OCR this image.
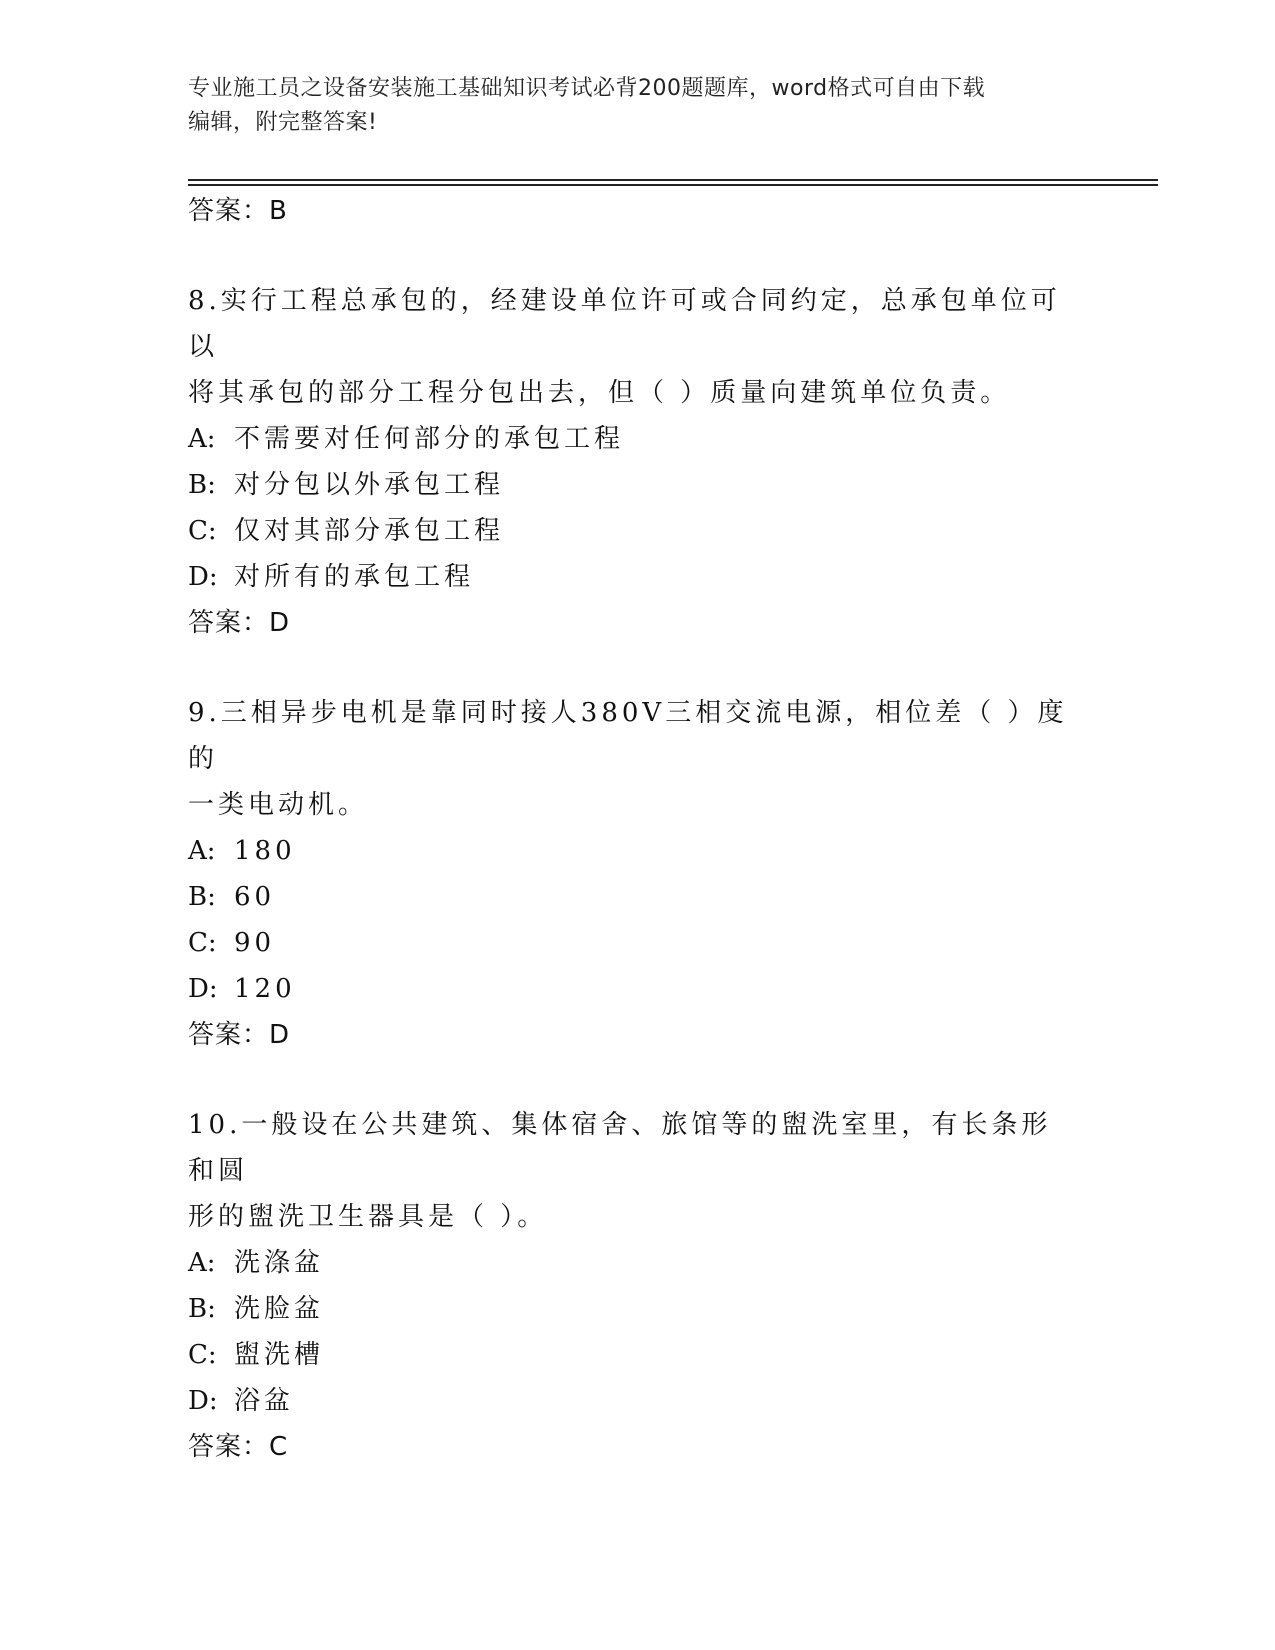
专业施工员之设备安装施工基础知识考试必背200题题库，word格式可自由下载
编辑，附完整答案!
答案：B
8.实行工程总承包的，经建设单位许可或合同约定，总承包单位可以
将其承包的部分工程分包出去，但（ ）质量向建筑单位负责。
A: 不需要对任何部分的承包工程
B: 对分包以外承包工程
C: 仅对其部分承包工程
D: 对所有的承包工程
答案：D
9.三相异步电机是靠同时接人380V三相交流电源，相位差（ ）度的
一类电动机。
A: 180
B: 60
C: 90
D: 120
答案：D
10.一般设在公共建筑、集体宿舍、旅馆等的盥洗室里，有长条形和圆
形的盥洗卫生器具是（ ）。
A: 洗涤盆
B: 洗脸盆
C: 盥洗槽
D: 浴盆
答案：C
